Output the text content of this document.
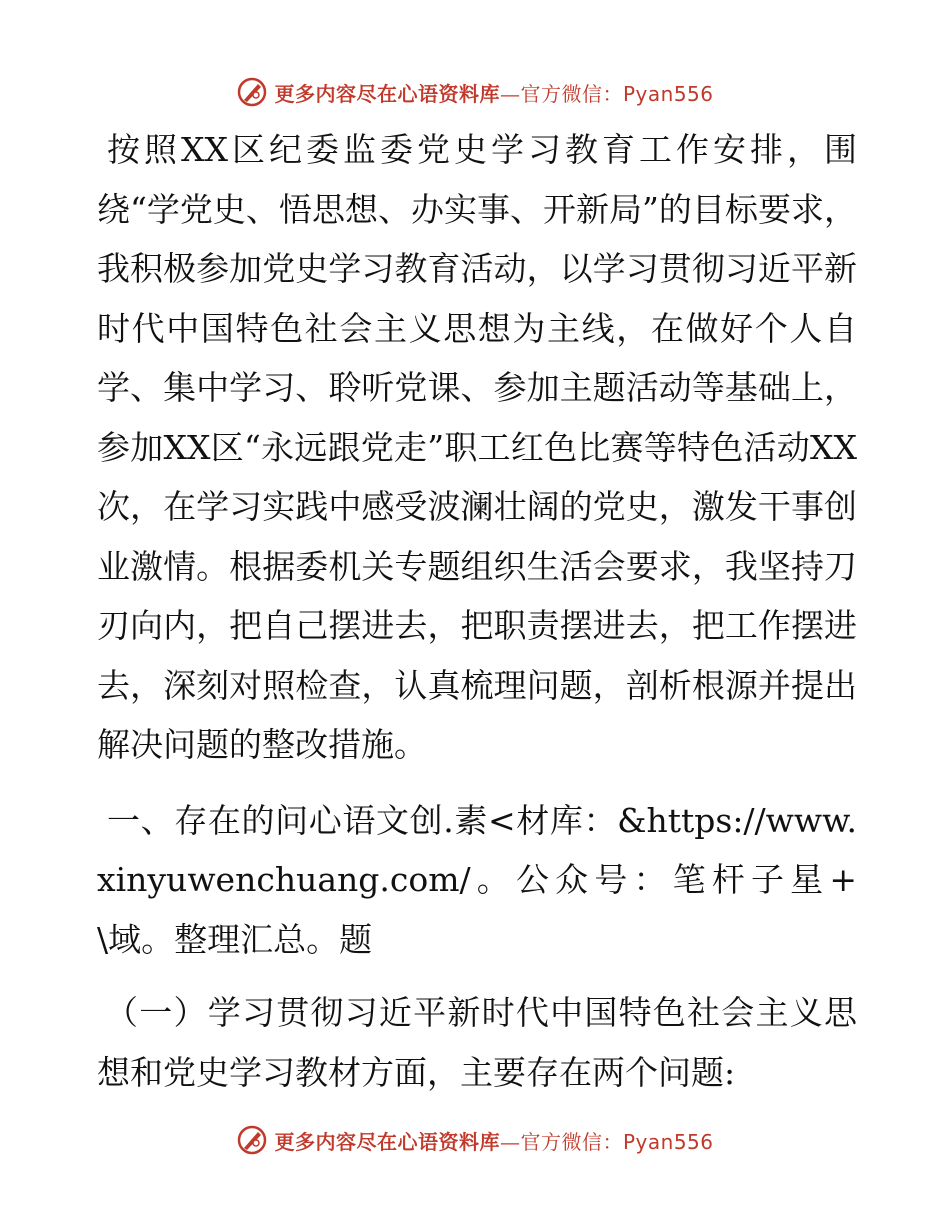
更多内容尽在心语资料库—官方微信：Pyan556

按照XX区纪委监委党史学习教育工作安排，围绕“学党史、悟思想、办实事、开新局”的目标要求，我积极参加党史学习教育活动，以学习贯彻习近平新时代中国特色社会主义思想为主线，在做好个人自学、集中学习、聆听党课、参加主题活动等基础上，参加XX区“永远跟党走”职工红色比赛等特色活动XX次，在学习实践中感受波澜壮阔的党史，激发干事创业激情。根据委机关专题组织生活会要求，我坚持刀刃向内，把自己摆进去，把职责摆进去，把工作摆进去，深刻对照检查，认真梳理问题，剖析根源并提出解决问题的整改措施。

一、存在的问心语文创.素<材库：&https://www.xinyuwenchuang.com/。公众号：笔杆子星+\域。整理汇总。题

（一）学习贯彻习近平新时代中国特色社会主义思想和党史学习教材方面，主要存在两个问题:

更多内容尽在心语资料库—官方微信：Pyan556
